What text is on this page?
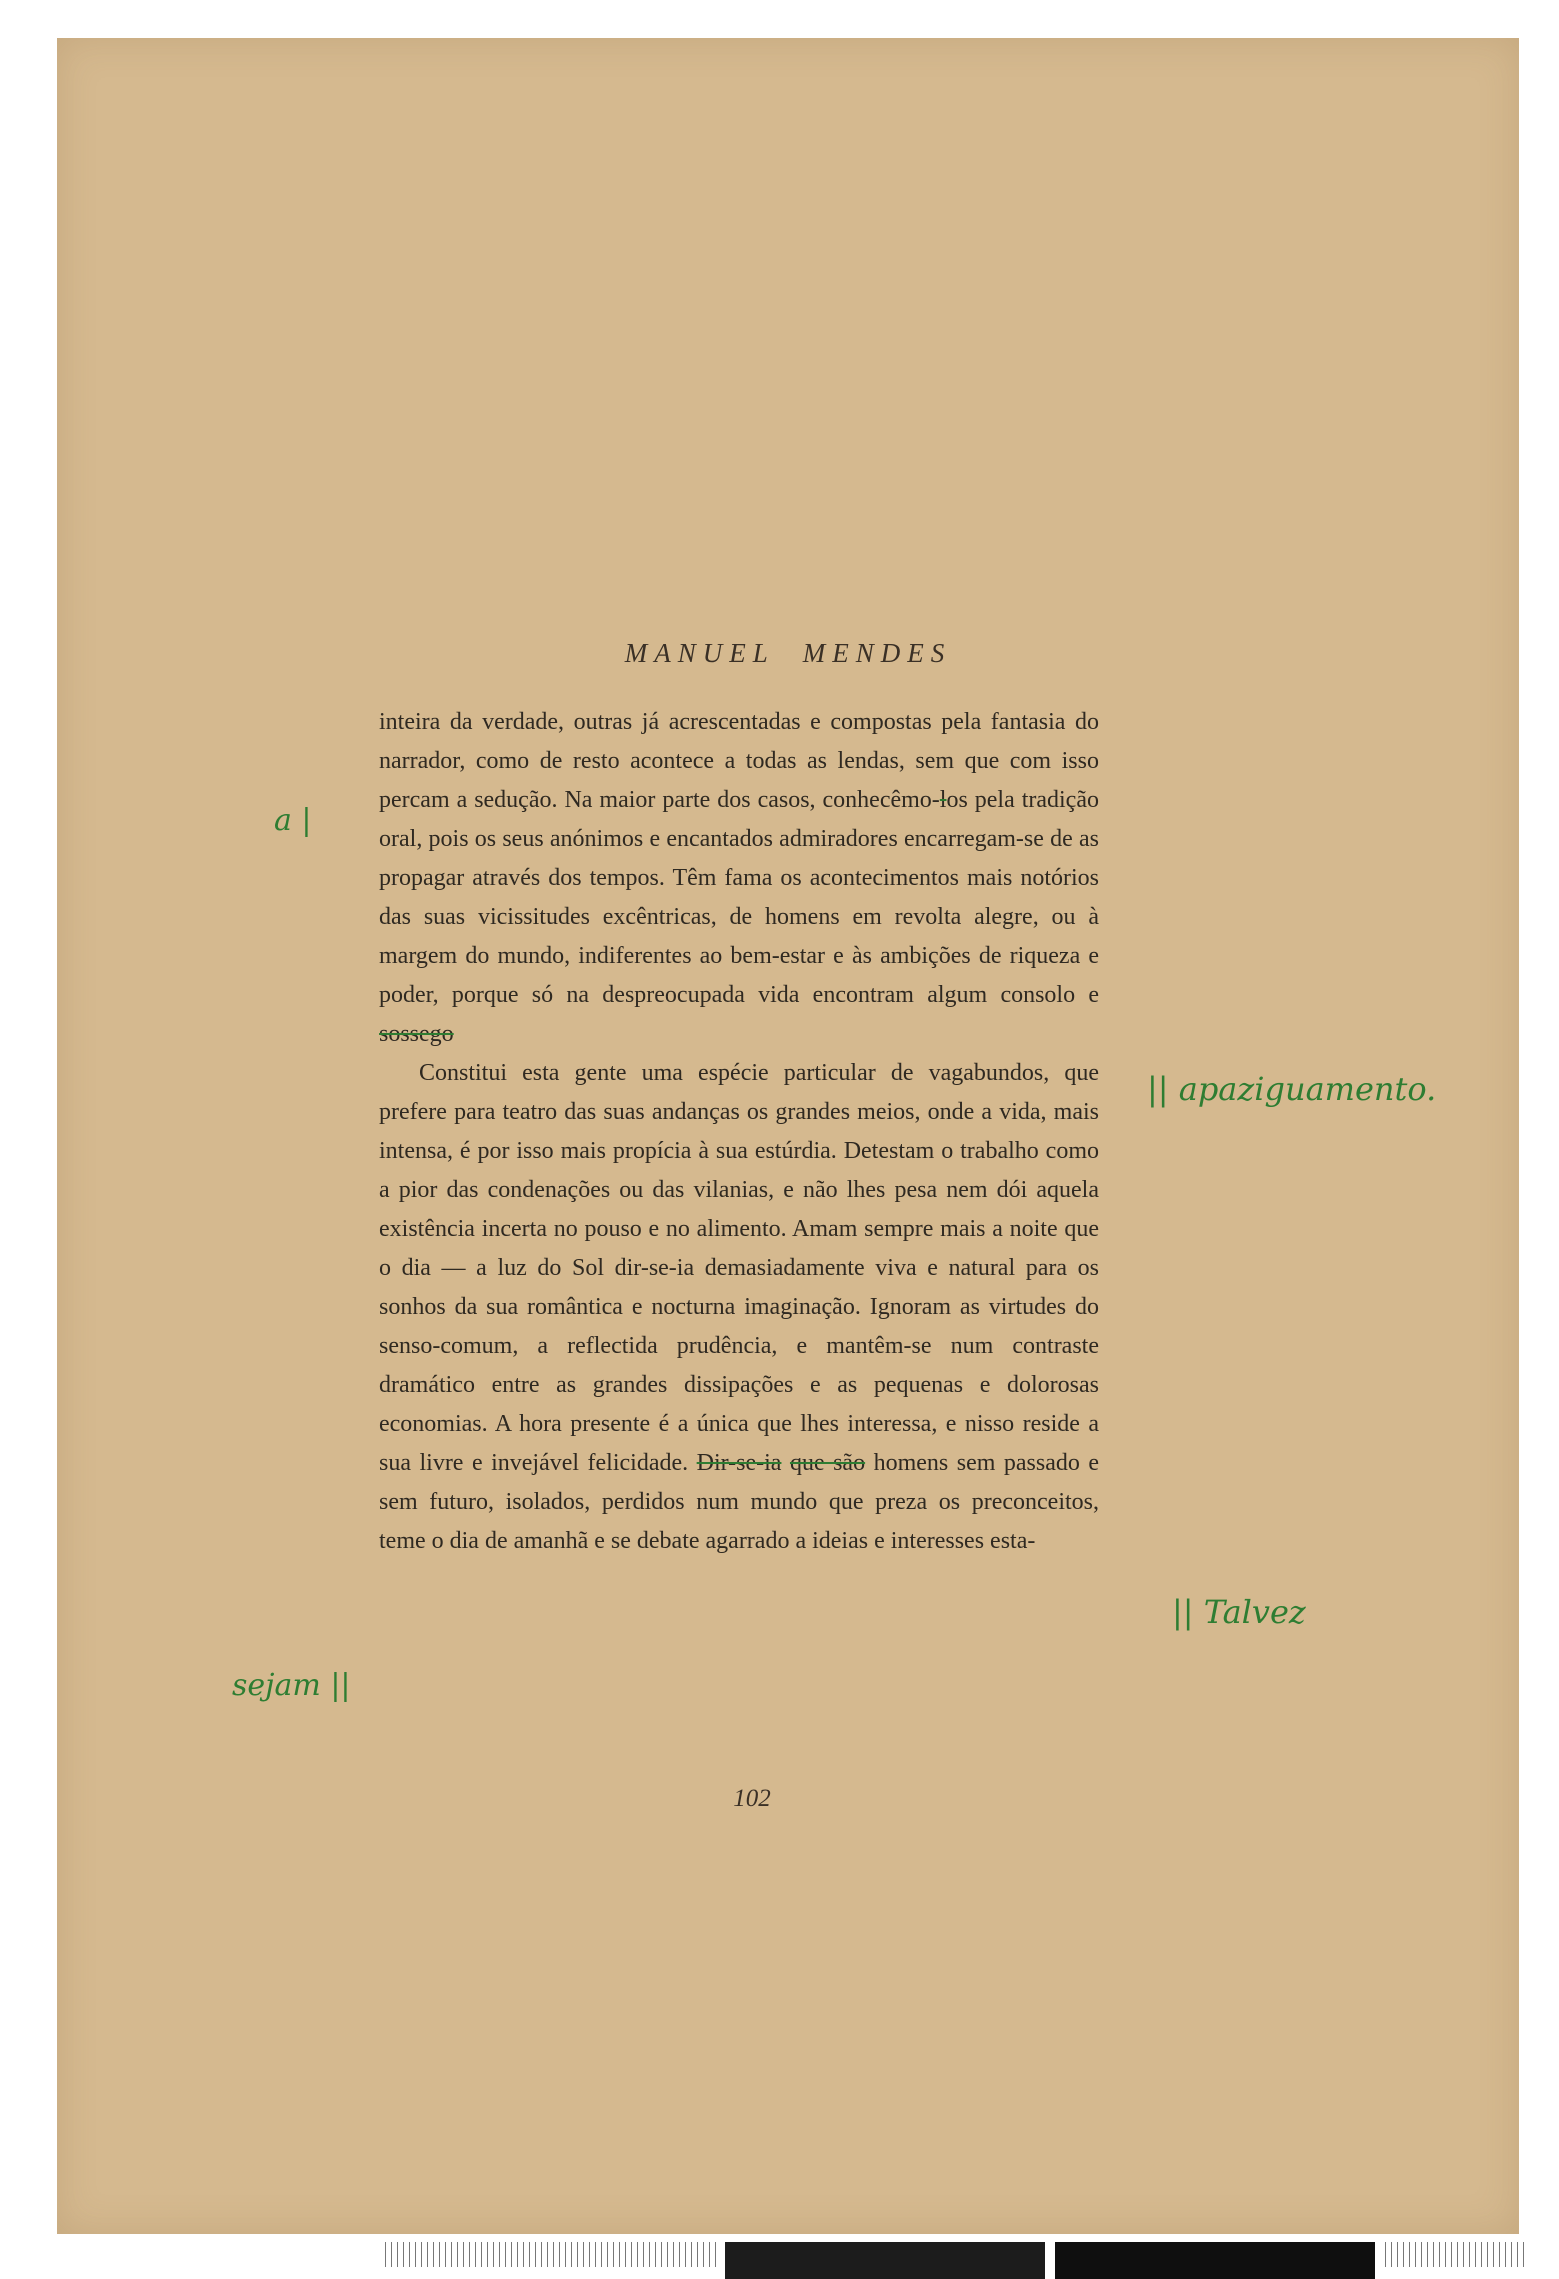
MANUEL MENDES

inteira da verdade, outras já acrescentadas e compostas pela fantasia do narrador, como de resto acontece a todas as lendas, sem que com isso percam a sedução. Na maior parte dos casos, conhecêmo-los pela tradição oral, pois os seus anónimos e encantados admiradores encarregam-se de as propagar através dos tempos. Têm fama os acontecimentos mais notórios das suas vicissitudes excêntricas, de homens em revolta alegre, ou à margem do mundo, indiferentes ao bem-estar e às ambições de riqueza e poder, porque só na despreocupada vida encontram algum consolo e sossego

Constitui esta gente uma espécie particular de vagabundos, que prefere para teatro das suas andanças os grandes meios, onde a vida, mais intensa, é por isso mais propícia à sua estúrdia. Detestam o trabalho como a pior das condenações ou das vilanias, e não lhes pesa nem dói aquela existência incerta no pouso e no alimento. Amam sempre mais a noite que o dia — a luz do Sol dir-se-ia demasiadamente viva e natural para os sonhos da sua romântica e nocturna imaginação. Ignoram as virtudes do senso-comum, a reflectida prudência, e mantêm-se num contraste dramático entre as grandes dissipações e as pequenas e dolorosas economias. A hora presente é a única que lhes interessa, e nisso reside a sua livre e invejável felicidade. Dir-se-ia que são homens sem passado e sem futuro, isolados, perdidos num mundo que preza os preconceitos, teme o dia de amanhã e se debate agarrado a ideias e interesses esta-

102
a |
|| apaziguamento.
|| Talvez
sejam ||
